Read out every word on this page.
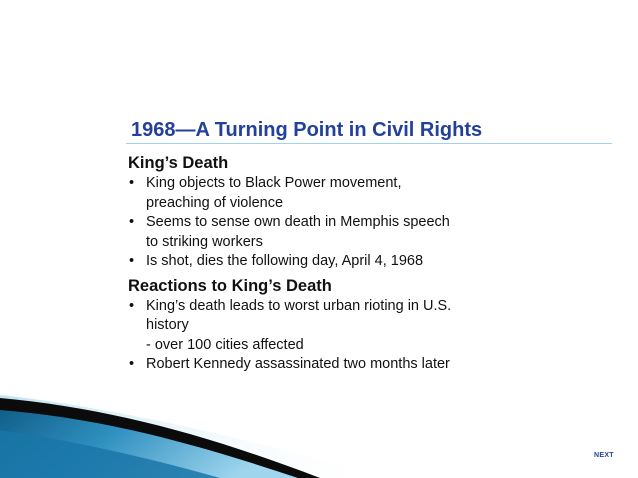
1968—A Turning Point in Civil Rights
King’s Death
• King objects to Black Power movement,
preaching of violence
• Seems to sense own death in Memphis speech
to striking workers
• Is shot, dies the following day, April 4, 1968
Reactions to King’s Death
• King’s death leads to worst urban rioting in U.S.
history
- over 100 cities affected
• Robert Kennedy assassinated two months later
NEXT
